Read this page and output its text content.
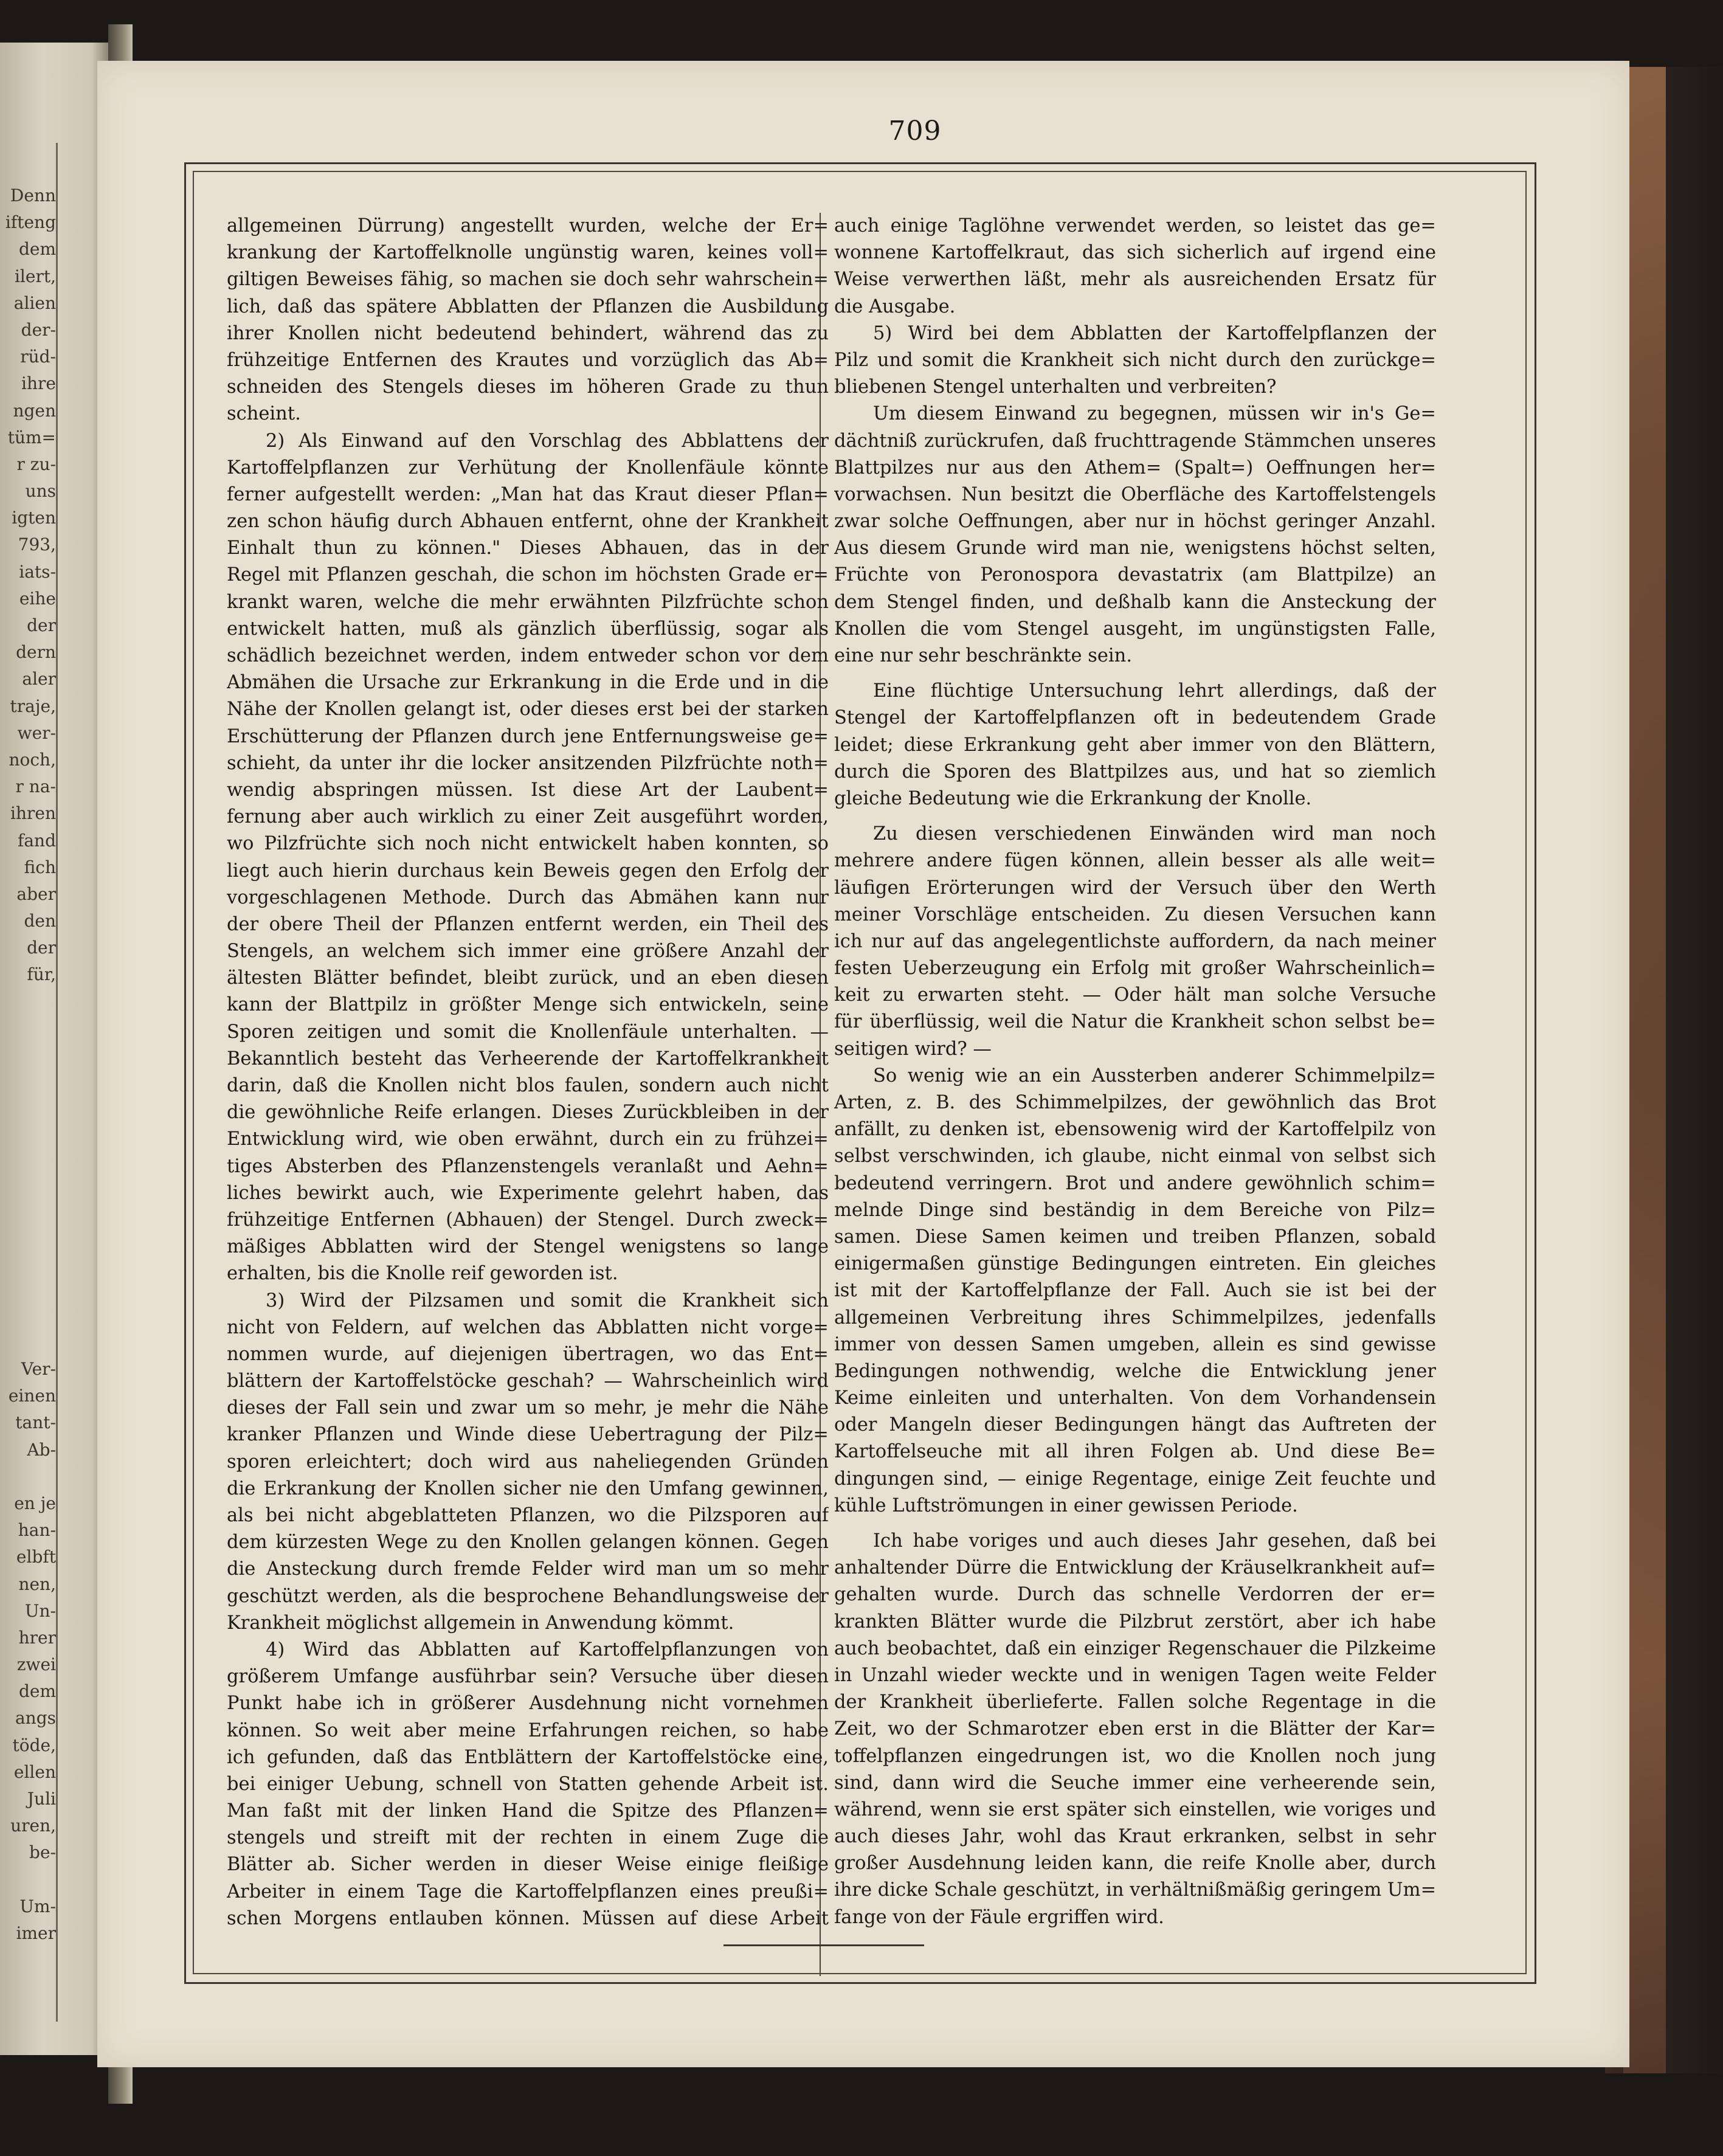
Denn
ifteng
dem
ilert,
alien
der-
rüd-
ihre
ngen
tüm=
r zu-
uns
igten
793,
iats-
eihe
der
dern
aler
traje,
wer-
noch,
r na-
ihren
fand
fich
aber
den
der
für,
Ver-
einen
tant-
Ab-
en je
han-
elbft
nen,
Un-
hrer
zwei
dem
angs
töde,
ellen
Juli
uren,
be-
Um-
imer
709
allgemeinen Dürrung) angestellt wurden, welche der Er=
krankung der Kartoffelknolle ungünstig waren, keines voll=
giltigen Beweises fähig, so machen sie doch sehr wahrschein=
lich, daß das spätere Abblatten der Pflanzen die Ausbildung
ihrer Knollen nicht bedeutend behindert, während das zu
frühzeitige Entfernen des Krautes und vorzüglich das Ab=
schneiden des Stengels dieses im höheren Grade zu thun
scheint.
2) Als Einwand auf den Vorschlag des Abblattens der
Kartoffelpflanzen zur Verhütung der Knollenfäule könnte
ferner aufgestellt werden: „Man hat das Kraut dieser Pflan=
zen schon häufig durch Abhauen entfernt, ohne der Krankheit
Einhalt thun zu können." Dieses Abhauen, das in der
Regel mit Pflanzen geschah, die schon im höchsten Grade er=
krankt waren, welche die mehr erwähnten Pilzfrüchte schon
entwickelt hatten, muß als gänzlich überflüssig, sogar als
schädlich bezeichnet werden, indem entweder schon vor dem
Abmähen die Ursache zur Erkrankung in die Erde und in die
Nähe der Knollen gelangt ist, oder dieses erst bei der starken
Erschütterung der Pflanzen durch jene Entfernungsweise ge=
schieht, da unter ihr die locker ansitzenden Pilzfrüchte noth=
wendig abspringen müssen. Ist diese Art der Laubent=
fernung aber auch wirklich zu einer Zeit ausgeführt worden,
wo Pilzfrüchte sich noch nicht entwickelt haben konnten, so
liegt auch hierin durchaus kein Beweis gegen den Erfolg der
vorgeschlagenen Methode. Durch das Abmähen kann nur
der obere Theil der Pflanzen entfernt werden, ein Theil des
Stengels, an welchem sich immer eine größere Anzahl der
ältesten Blätter befindet, bleibt zurück, und an eben diesen
kann der Blattpilz in größter Menge sich entwickeln, seine
Sporen zeitigen und somit die Knollenfäule unterhalten. —
Bekanntlich besteht das Verheerende der Kartoffelkrankheit
darin, daß die Knollen nicht blos faulen, sondern auch nicht
die gewöhnliche Reife erlangen. Dieses Zurückbleiben in der
Entwicklung wird, wie oben erwähnt, durch ein zu frühzei=
tiges Absterben des Pflanzenstengels veranlaßt und Aehn=
liches bewirkt auch, wie Experimente gelehrt haben, das
frühzeitige Entfernen (Abhauen) der Stengel. Durch zweck=
mäßiges Abblatten wird der Stengel wenigstens so lange
erhalten, bis die Knolle reif geworden ist.
3) Wird der Pilzsamen und somit die Krankheit sich
nicht von Feldern, auf welchen das Abblatten nicht vorge=
nommen wurde, auf diejenigen übertragen, wo das Ent=
blättern der Kartoffelstöcke geschah? — Wahrscheinlich wird
dieses der Fall sein und zwar um so mehr, je mehr die Nähe
kranker Pflanzen und Winde diese Uebertragung der Pilz=
sporen erleichtert; doch wird aus naheliegenden Gründen
die Erkrankung der Knollen sicher nie den Umfang gewinnen,
als bei nicht abgeblatteten Pflanzen, wo die Pilzsporen auf
dem kürzesten Wege zu den Knollen gelangen können. Gegen
die Ansteckung durch fremde Felder wird man um so mehr
geschützt werden, als die besprochene Behandlungsweise der
Krankheit möglichst allgemein in Anwendung kömmt.
4) Wird das Abblatten auf Kartoffelpflanzungen von
größerem Umfange ausführbar sein? Versuche über diesen
Punkt habe ich in größerer Ausdehnung nicht vornehmen
können. So weit aber meine Erfahrungen reichen, so habe
ich gefunden, daß das Entblättern der Kartoffelstöcke eine,
bei einiger Uebung, schnell von Statten gehende Arbeit ist.
Man faßt mit der linken Hand die Spitze des Pflanzen=
stengels und streift mit der rechten in einem Zuge die
Blätter ab. Sicher werden in dieser Weise einige fleißige
Arbeiter in einem Tage die Kartoffelpflanzen eines preußi=
schen Morgens entlauben können. Müssen auf diese Arbeit
auch einige Taglöhne verwendet werden, so leistet das ge=
wonnene Kartoffelkraut, das sich sicherlich auf irgend eine
Weise verwerthen läßt, mehr als ausreichenden Ersatz für
die Ausgabe.
5) Wird bei dem Abblatten der Kartoffelpflanzen der
Pilz und somit die Krankheit sich nicht durch den zurückge=
bliebenen Stengel unterhalten und verbreiten?
Um diesem Einwand zu begegnen, müssen wir in's Ge=
dächtniß zurückrufen, daß fruchttragende Stämmchen unseres
Blattpilzes nur aus den Athem= (Spalt=) Oeffnungen her=
vorwachsen. Nun besitzt die Oberfläche des Kartoffelstengels
zwar solche Oeffnungen, aber nur in höchst geringer Anzahl.
Aus diesem Grunde wird man nie, wenigstens höchst selten,
Früchte von Peronospora devastatrix (am Blattpilze) an
dem Stengel finden, und deßhalb kann die Ansteckung der
Knollen die vom Stengel ausgeht, im ungünstigsten Falle,
eine nur sehr beschränkte sein.
Eine flüchtige Untersuchung lehrt allerdings, daß der
Stengel der Kartoffelpflanzen oft in bedeutendem Grade
leidet; diese Erkrankung geht aber immer von den Blättern,
durch die Sporen des Blattpilzes aus, und hat so ziemlich
gleiche Bedeutung wie die Erkrankung der Knolle.
Zu diesen verschiedenen Einwänden wird man noch
mehrere andere fügen können, allein besser als alle weit=
läufigen Erörterungen wird der Versuch über den Werth
meiner Vorschläge entscheiden. Zu diesen Versuchen kann
ich nur auf das angelegentlichste auffordern, da nach meiner
festen Ueberzeugung ein Erfolg mit großer Wahrscheinlich=
keit zu erwarten steht. — Oder hält man solche Versuche
für überflüssig, weil die Natur die Krankheit schon selbst be=
seitigen wird? —
So wenig wie an ein Aussterben anderer Schimmelpilz=
Arten, z. B. des Schimmelpilzes, der gewöhnlich das Brot
anfällt, zu denken ist, ebensowenig wird der Kartoffelpilz von
selbst verschwinden, ich glaube, nicht einmal von selbst sich
bedeutend verringern. Brot und andere gewöhnlich schim=
melnde Dinge sind beständig in dem Bereiche von Pilz=
samen. Diese Samen keimen und treiben Pflanzen, sobald
einigermaßen günstige Bedingungen eintreten. Ein gleiches
ist mit der Kartoffelpflanze der Fall. Auch sie ist bei der
allgemeinen Verbreitung ihres Schimmelpilzes, jedenfalls
immer von dessen Samen umgeben, allein es sind gewisse
Bedingungen nothwendig, welche die Entwicklung jener
Keime einleiten und unterhalten. Von dem Vorhandensein
oder Mangeln dieser Bedingungen hängt das Auftreten der
Kartoffelseuche mit all ihren Folgen ab. Und diese Be=
dingungen sind, — einige Regentage, einige Zeit feuchte und
kühle Luftströmungen in einer gewissen Periode.
Ich habe voriges und auch dieses Jahr gesehen, daß bei
anhaltender Dürre die Entwicklung der Kräuselkrankheit auf=
gehalten wurde. Durch das schnelle Verdorren der er=
krankten Blätter wurde die Pilzbrut zerstört, aber ich habe
auch beobachtet, daß ein einziger Regenschauer die Pilzkeime
in Unzahl wieder weckte und in wenigen Tagen weite Felder
der Krankheit überlieferte. Fallen solche Regentage in die
Zeit, wo der Schmarotzer eben erst in die Blätter der Kar=
toffelpflanzen eingedrungen ist, wo die Knollen noch jung
sind, dann wird die Seuche immer eine verheerende sein,
während, wenn sie erst später sich einstellen, wie voriges und
auch dieses Jahr, wohl das Kraut erkranken, selbst in sehr
großer Ausdehnung leiden kann, die reife Knolle aber, durch
ihre dicke Schale geschützt, in verhältnißmäßig geringem Um=
fange von der Fäule ergriffen wird.
